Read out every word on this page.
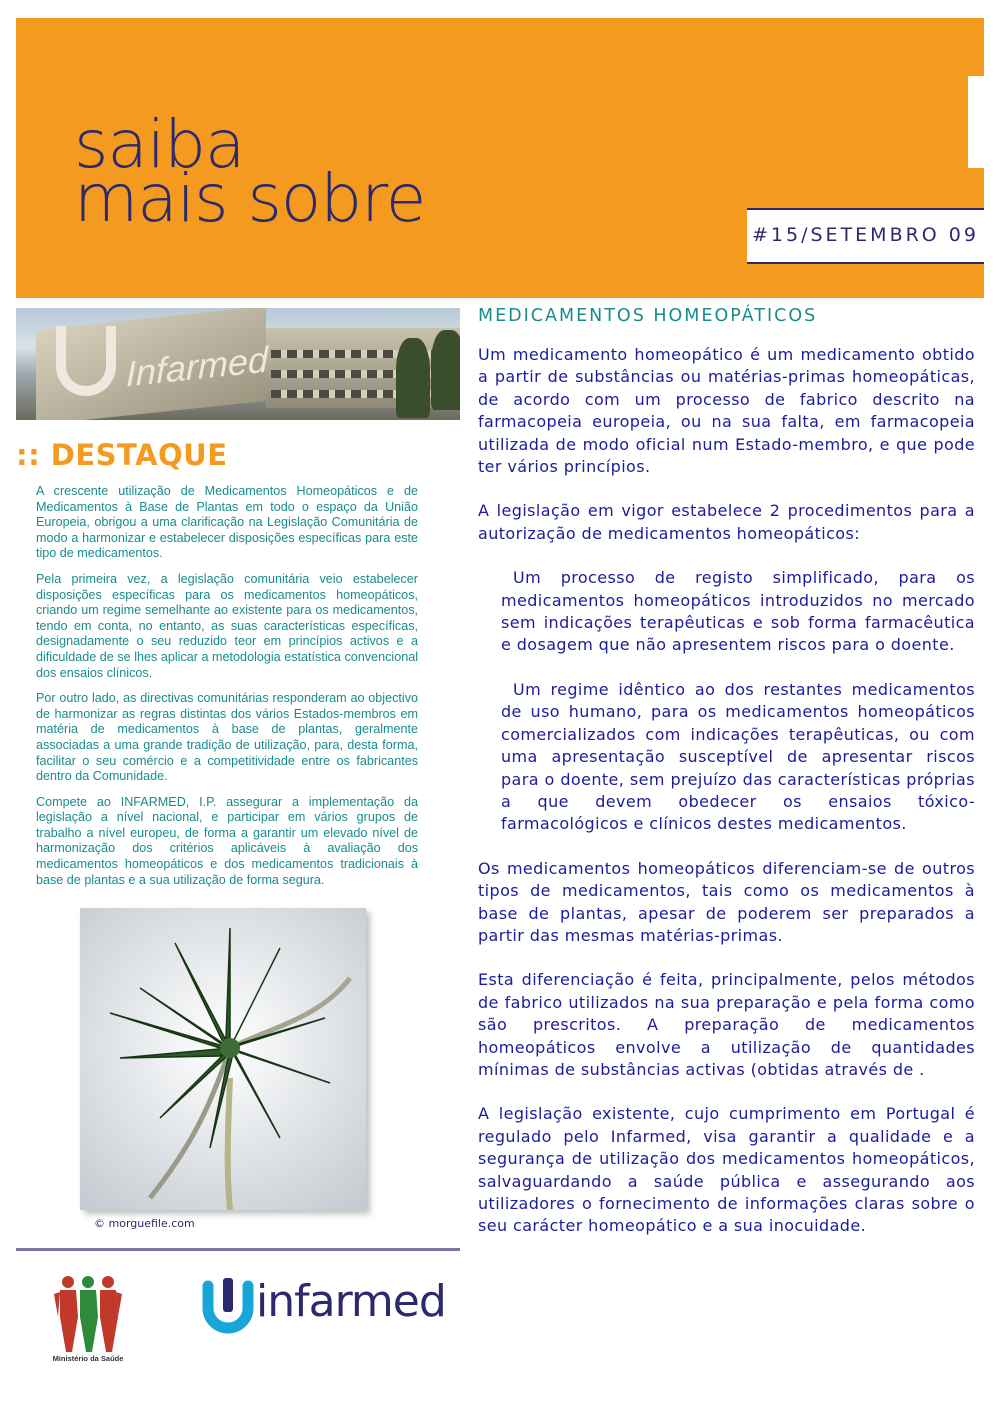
saiba
mais sobre	#15/SETEMBRO 09
Infarmed
:: DESTAQUE

A crescente utilização de Medicamentos Homeopáticos e de Medicamentos à Base de Plantas em todo o espaço da União Europeia, obrigou a uma clarificação na Legislação Comunitária de modo a harmonizar e estabelecer disposições específicas para este tipo de medicamentos.

Pela primeira vez, a legislação comunitária veio estabelecer disposições específicas para os medicamentos homeopáticos, criando um regime semelhante ao existente para os medicamentos, tendo em conta, no entanto, as suas características específicas, designadamente o seu reduzido teor em princípios activos e a dificuldade de se lhes aplicar a metodologia estatística convencional dos ensaios clínicos.

Por outro lado, as directivas comunitárias responderam ao objectivo de harmonizar as regras distintas dos vários Estados-membros em matéria de medicamentos à base de plantas, geralmente associadas a uma grande tradição de utilização, para, desta forma, facilitar o seu comércio e a competitividade entre os fabricantes dentro da Comunidade.

Compete ao INFARMED, I.P. assegurar a implementação da legislação a nível nacional, e participar em vários grupos de trabalho a nível europeu, de forma a garantir um elevado nível de harmonização dos critérios aplicáveis à avaliação dos medicamentos homeopáticos e dos medicamentos tradicionais à base de plantas e a sua utilização de forma segura.

© morguefile.com
Ministério da Saúde
infarmed
MEDICAMENTOS HOMEOPÁTICOS

Um medicamento homeopático é um medicamento obtido a partir de substâncias ou matérias-primas homeopáticas, de acordo com um processo de fabrico descrito na farmacopeia europeia, ou na sua falta, em farmacopeia utilizada de modo oficial num Estado-membro, e que pode ter vários princípios.

A legislação em vigor estabelece 2 procedimentos para a autorização de medicamentos homeopáticos:

Um processo de registo simplificado, para os medicamentos homeopáticos introduzidos no mercado sem indicações terapêuticas e sob forma farmacêutica e dosagem que não apresentem riscos para o doente.

Um regime idêntico ao dos restantes medicamentos de uso humano, para os medicamentos homeopáticos comercializados com indicações terapêuticas, ou com uma apresentação susceptível de apresentar riscos para o doente, sem prejuízo das características próprias a que devem obedecer os ensaios tóxico-farmacológicos e clínicos destes medicamentos.

Os medicamentos homeopáticos diferenciam-se de outros tipos de medicamentos, tais como os medicamentos à base de plantas, apesar de poderem ser preparados a partir das mesmas matérias-primas.

Esta diferenciação é feita, principalmente, pelos métodos de fabrico utilizados na sua preparação e pela forma como são prescritos. A preparação de medicamentos homeopáticos envolve a utilização de quantidades mínimas de substâncias activas (obtidas através de .

A legislação existente, cujo cumprimento em Portugal é regulado pelo Infarmed, visa garantir a qualidade e a segurança de utilização dos medicamentos homeopáticos, salvaguardando a saúde pública e assegurando aos utilizadores o fornecimento de informações claras sobre o seu carácter homeopático e a sua inocuidade.
